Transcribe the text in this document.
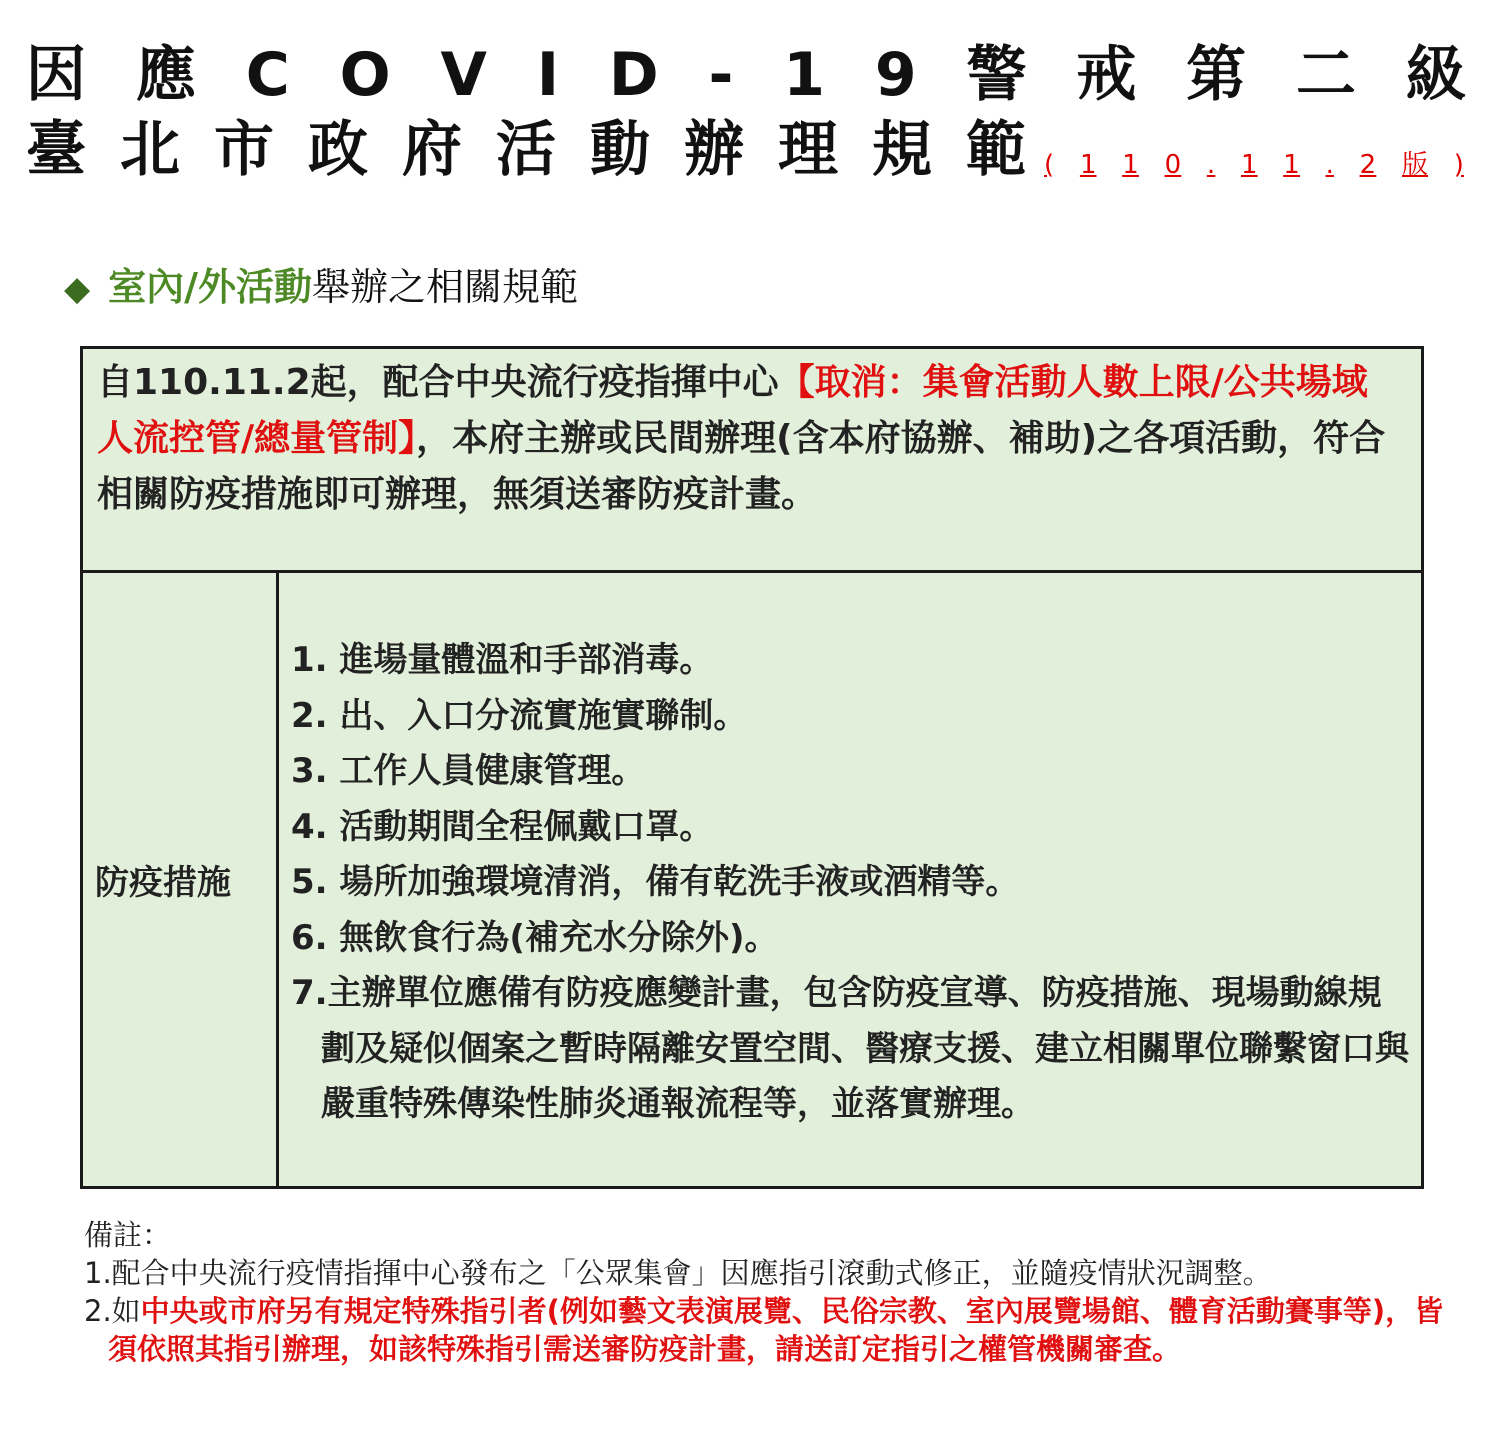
因 應 C O V I D - 1 9 警 戒 第 二 級
臺 北 市 政 府 活 動 辦 理 規 範 ( 1 1 0 . 1 1 . 2 版 )
◆ 室內/外活動舉辦之相關規範
自110.11.2起，配合中央流行疫指揮中心【取消：集會活動人數上限/公共場域人流控管/總量管制】，本府主辦或民間辦理(含本府協辦、補助)之各項活動，符合相關防疫措施即可辦理，無須送審防疫計畫。
防疫措施
1. 進場量體溫和手部消毒。
2. 出、入口分流實施實聯制。
3. 工作人員健康管理。
4. 活動期間全程佩戴口罩。
5. 場所加強環境清消，備有乾洗手液或酒精等。
6. 無飲食行為(補充水分除外)。
7.主辦單位應備有防疫應變計畫，包含防疫宣導、防疫措施、現場動線規劃及疑似個案之暫時隔離安置空間、醫療支援、建立相關單位聯繫窗口與嚴重特殊傳染性肺炎通報流程等，並落實辦理。
備註：
1.配合中央流行疫情指揮中心發布之「公眾集會」因應指引滾動式修正，並隨疫情狀況調整。
2.如中央或市府另有規定特殊指引者(例如藝文表演展覽、民俗宗教、室內展覽場館、體育活動賽事等)，皆須依照其指引辦理，如該特殊指引需送審防疫計畫，請送訂定指引之權管機關審查。
